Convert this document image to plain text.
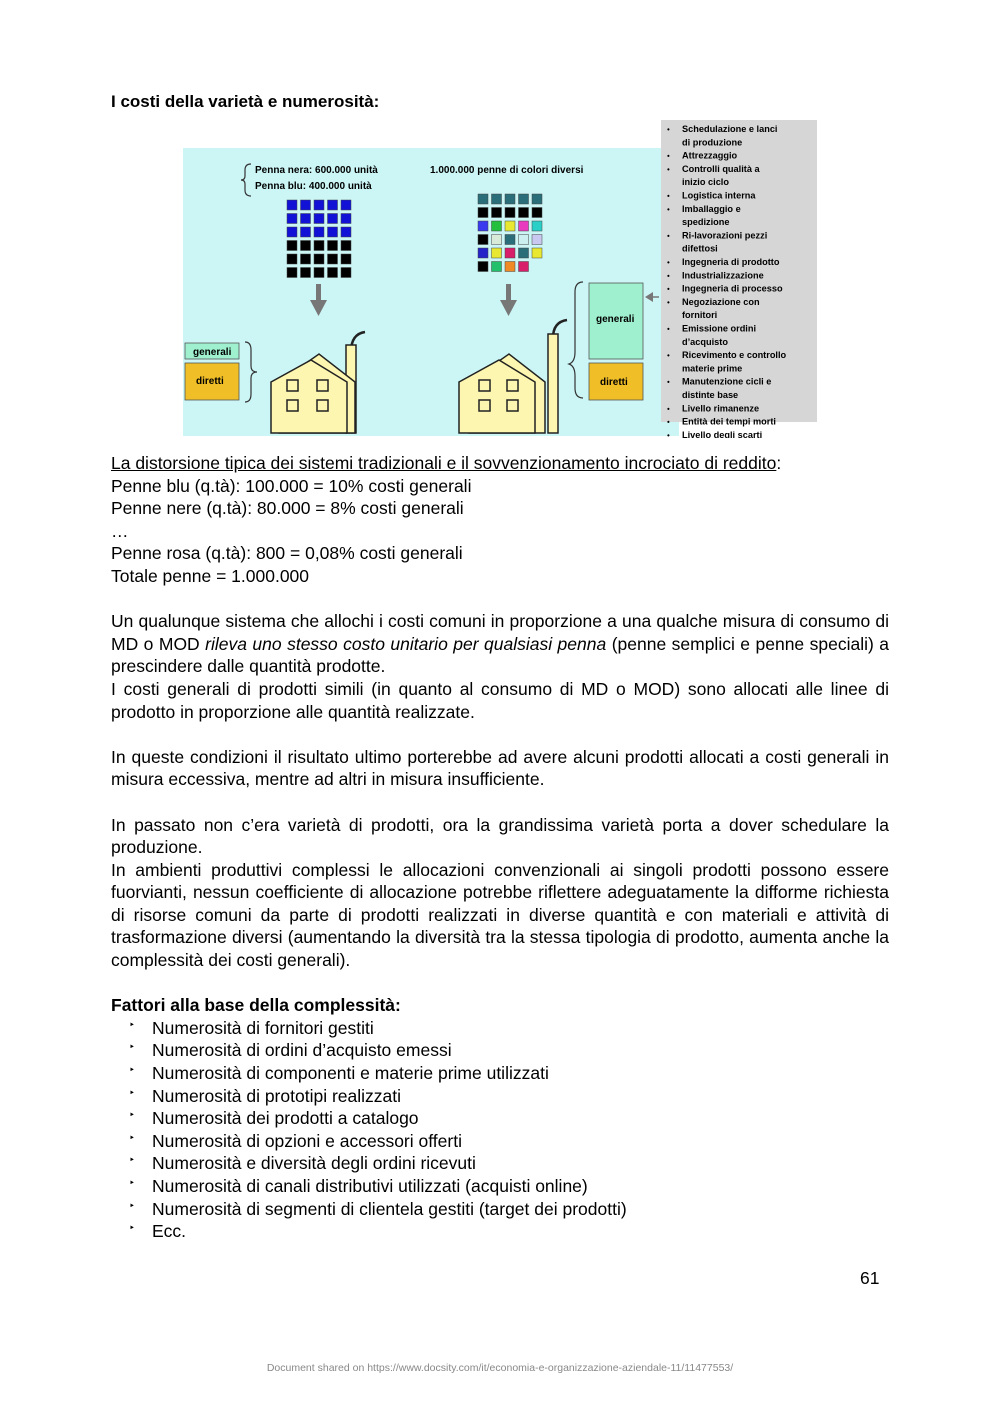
I costi della varietà e numerosità:
Penna nera: 600.000 unità
Penna blu: 400.000 unità
1.000.000 penne di colori diversi
generali
diretti
generali
diretti
• Schedulazione e lanci
di produzione
• Attrezzaggio
• Controlli qualità a
inizio ciclo
• Logistica interna
• Imballaggio e
spedizione
• Ri-lavorazioni pezzi
difettosi
• Ingegneria di prodotto
• Industrializzazione
• Ingegneria di processo
• Negoziazione con
fornitori
• Emissione ordini
d’acquisto
• Ricevimento e controllo
materie prime
• Manutenzione cicli e
distinte base
• Livello rimanenze
• Entità dei tempi morti
• Livello degli scarti

La distorsione tipica dei sistemi tradizionali e il sovvenzionamento incrociato di reddito:

Penne blu (q.tà): 100.000 = 10% costi generali

Penne nere (q.tà): 80.000 = 8% costi generali

…

Penne rosa (q.tà): 800 = 0,08% costi generali

Totale penne = 1.000.000

Un qualunque sistema che allochi i costi comuni in proporzione a una qualche misura di consumo di MD o MOD rileva uno stesso costo unitario per qualsiasi penna (penne semplici e penne speciali) a prescindere dalle quantità prodotte.

I costi generali di prodotti simili (in quanto al consumo di MD o MOD) sono allocati alle linee di prodotto in proporzione alle quantità realizzate.

In queste condizioni il risultato ultimo porterebbe ad avere alcuni prodotti allocati a costi generali in misura eccessiva, mentre ad altri in misura insufficiente.

In passato non c’era varietà di prodotti, ora la grandissima varietà porta a dover schedulare la produzione.

In ambienti produttivi complessi le allocazioni convenzionali ai singoli prodotti possono essere fuorvianti, nessun coefficiente di allocazione potrebbe riflettere adeguatamente la difforme richiesta di risorse comuni da parte di prodotti realizzati in diverse quantità e con materiali e attività di trasformazione diversi (aumentando la diversità tra la stessa tipologia di prodotto, aumenta anche la complessità dei costi generali).

Fattori alla base della complessità:

‣ Numerosità di fornitori gestiti
‣ Numerosità di ordini d’acquisto emessi
‣ Numerosità di componenti e materie prime utilizzati
‣ Numerosità di prototipi realizzati
‣ Numerosità dei prodotti a catalogo
‣ Numerosità di opzioni e accessori offerti
‣ Numerosità e diversità degli ordini ricevuti
‣ Numerosità di canali distributivi utilizzati (acquisti online)
‣ Numerosità di segmenti di clientela gestiti (target dei prodotti)
‣ Ecc.
61
Document shared on https://www.docsity.com/it/economia-e-organizzazione-aziendale-11/11477553/
